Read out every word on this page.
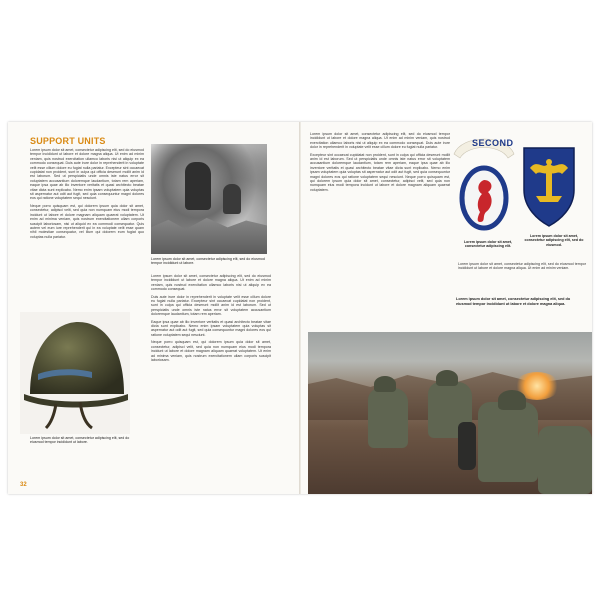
SUPPORT UNITS

Lorem ipsum dolor sit amet, consectetur adipiscing elit, sed do eiusmod tempor incididunt ut labore et dolore magna aliqua. Ut enim ad minim veniam, quis nostrud exercitation ullamco laboris nisi ut aliquip ex ea commodo consequat. Duis aute irure dolor in reprehenderit in voluptate velit esse cillum dolore eu fugiat nulla pariatur. Excepteur sint occaecat cupidatat non proident, sunt in culpa qui officia deserunt mollit anim id est laborum. Sed ut perspiciatis unde omnis iste natus error sit voluptatem accusantium doloremque laudantium, totam rem aperiam, eaque ipsa quae ab illo inventore veritatis et quasi architecto beatae vitae dicta sunt explicabo. Nemo enim ipsam voluptatem quia voluptas sit aspernatur aut odit aut fugit, sed quia consequuntur magni dolores eos qui ratione voluptatem sequi nesciunt.

Neque porro quisquam est, qui dolorem ipsum quia dolor sit amet, consectetur, adipisci velit, sed quia non numquam eius modi tempora incidunt ut labore et dolore magnam aliquam quaerat voluptatem. Ut enim ad minima veniam, quis nostrum exercitationem ullam corporis suscipit laboriosam, nisi ut aliquid ex ea commodi consequatur. Quis autem vel eum iure reprehenderit qui in ea voluptate velit esse quam nihil molestiae consequatur, vel illum qui dolorem eum fugiat quo voluptas nulla pariatur.

Lorem ipsum dolor sit amet, consectetur adipiscing elit, sed do eiusmod tempor incididunt ut labore.

Lorem ipsum dolor sit amet, consectetur adipiscing elit, sed do eiusmod tempor incididunt ut labore et dolore magna aliqua. Ut enim ad minim veniam, quis nostrud exercitation ullamco laboris nisi ut aliquip ex ea commodo consequat.

Duis aute irure dolor in reprehenderit in voluptate velit esse cillum dolore eu fugiat nulla pariatur. Excepteur sint occaecat cupidatat non proident, sunt in culpa qui officia deserunt mollit anim id est laborum. Sed ut perspiciatis unde omnis iste natus error sit voluptatem accusantium doloremque laudantium, totam rem aperiam.

Eaque ipsa quae ab illo inventore veritatis et quasi architecto beatae vitae dicta sunt explicabo. Nemo enim ipsam voluptatem quia voluptas sit aspernatur aut odit aut fugit, sed quia consequuntur magni dolores eos qui ratione voluptatem sequi nesciunt.

Neque porro quisquam est, qui dolorem ipsum quia dolor sit amet, consectetur, adipisci velit, sed quia non numquam eius modi tempora incidunt ut labore et dolore magnam aliquam quaerat voluptatem. Ut enim ad minima veniam, quis nostrum exercitationem ullam corporis suscipit laboriosam.

Lorem ipsum dolor sit amet, consectetur adipiscing elit, sed do eiusmod tempor incididunt ut labore.
32

Lorem ipsum dolor sit amet, consectetur adipiscing elit, sed do eiusmod tempor incididunt ut labore et dolore magna aliqua. Ut enim ad minim veniam, quis nostrud exercitation ullamco laboris nisi ut aliquip ex ea commodo consequat. Duis aute irure dolor in reprehenderit in voluptate velit esse cillum dolore eu fugiat nulla pariatur.

Excepteur sint occaecat cupidatat non proident, sunt in culpa qui officia deserunt mollit anim id est laborum. Sed ut perspiciatis unde omnis iste natus error sit voluptatem accusantium doloremque laudantium, totam rem aperiam, eaque ipsa quae ab illo inventore veritatis et quasi architecto beatae vitae dicta sunt explicabo. Nemo enim ipsam voluptatem quia voluptas sit aspernatur aut odit aut fugit, sed quia consequuntur magni dolores eos qui ratione voluptatem sequi nesciunt. Neque porro quisquam est, qui dolorem ipsum quia dolor sit amet, consectetur, adipisci velit, sed quia non numquam eius modi tempora incidunt ut labore et dolore magnam aliquam quaerat voluptatem.

Lorem ipsum dolor sit amet, consectetur adipiscing elit, sed do eiusmod tempor incididunt ut labore et dolore magna aliqua. Ut enim ad minim veniam.

Lorem ipsum dolor sit amet, consectetur adipiscing elit.
SECOND
Lorem ipsum dolor sit amet, consectetur adipiscing elit, sed do eiusmod.
Lorem ipsum dolor sit amet, consectetur adipiscing elit, sed do eiusmod tempor incididunt ut labore et dolore magna aliqua.
